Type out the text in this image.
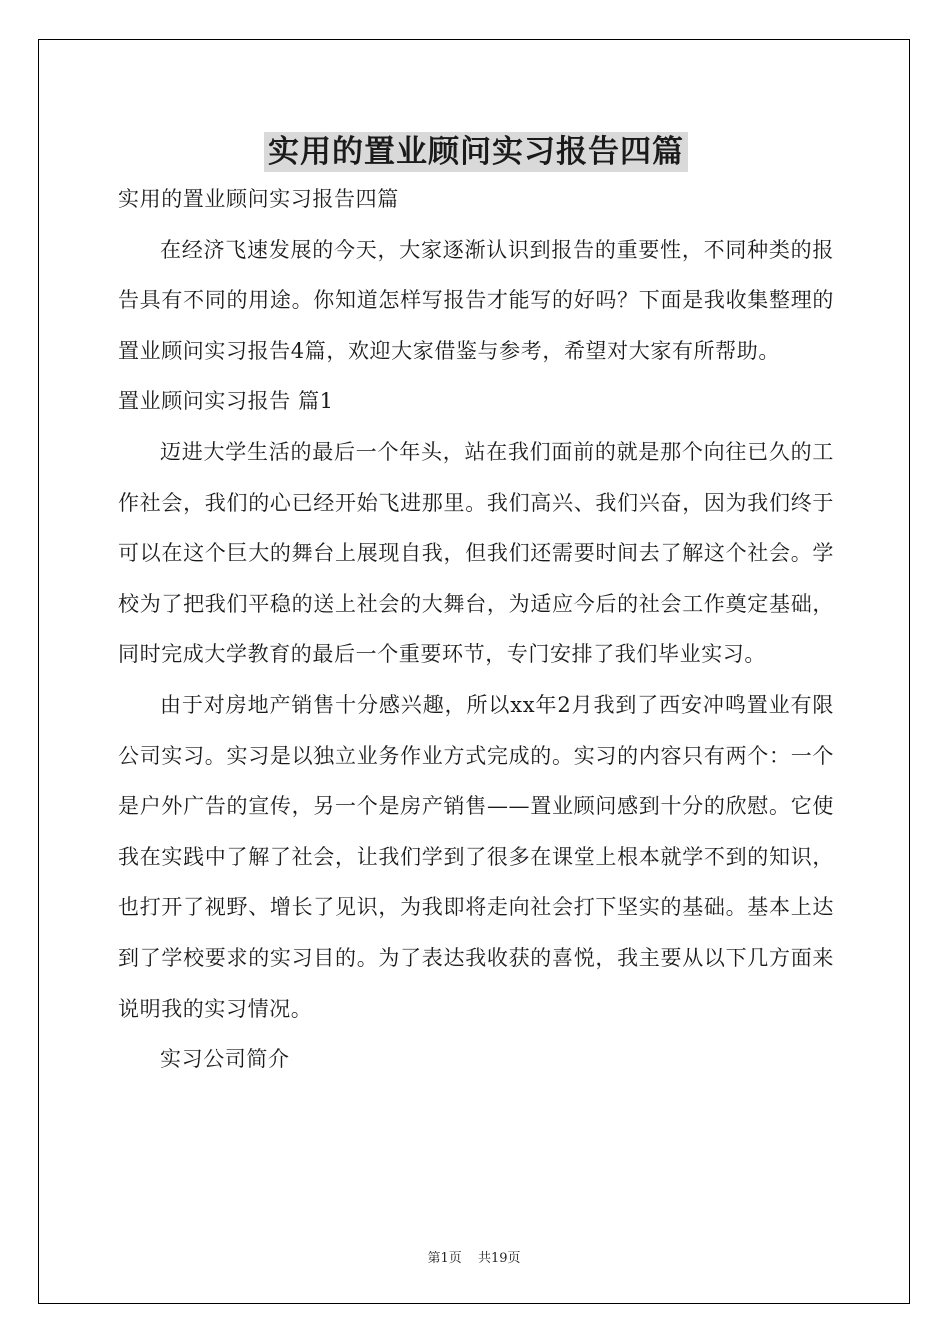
实用的置业顾问实习报告四篇

实用的置业顾问实习报告四篇

在经济飞速发展的今天，大家逐渐认识到报告的重要性，不同种类的报告具有不同的用途。你知道怎样写报告才能写的好吗？下面是我收集整理的置业顾问实习报告4篇，欢迎大家借鉴与参考，希望对大家有所帮助。

置业顾问实习报告 篇1

迈进大学生活的最后一个年头，站在我们面前的就是那个向往已久的工作社会，我们的心已经开始飞进那里。我们高兴、我们兴奋，因为我们终于可以在这个巨大的舞台上展现自我，但我们还需要时间去了解这个社会。学校为了把我们平稳的送上社会的大舞台，为适应今后的社会工作奠定基础，同时完成大学教育的最后一个重要环节，专门安排了我们毕业实习。

由于对房地产销售十分感兴趣，所以xx年2月我到了西安冲鸣置业有限公司实习。实习是以独立业务作业方式完成的。实习的内容只有两个：一个是户外广告的宣传，另一个是房产销售——置业顾问感到十分的欣慰。它使我在实践中了解了社会，让我们学到了很多在课堂上根本就学不到的知识，也打开了视野、增长了见识，为我即将走向社会打下坚实的基础。基本上达到了学校要求的实习目的。为了表达我收获的喜悦，我主要从以下几方面来说明我的实习情况。

实习公司简介

第1页 共19页
